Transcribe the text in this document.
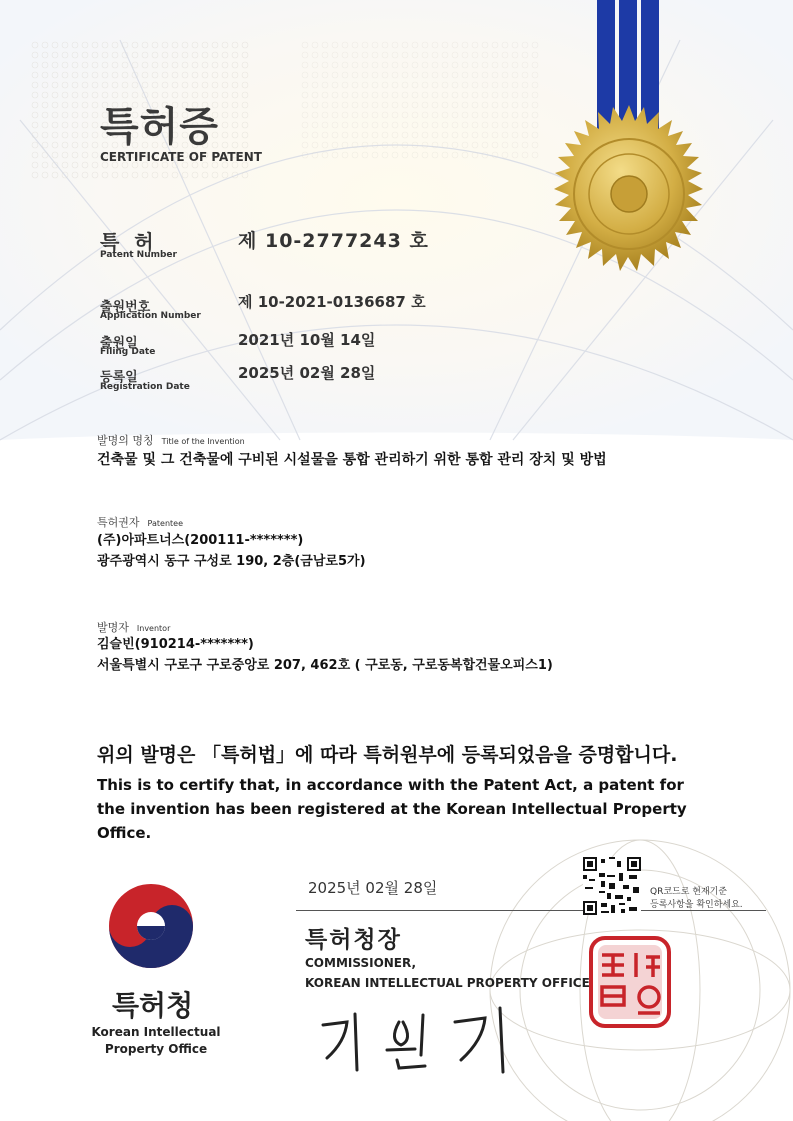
특허증
CERTIFICATE OF PATENT
특 허
Patent Number
제 10-2777243 호
출원번호
Application Number
제 10-2021-0136687 호
출원일
Filing Date
2021년 10월 14일
등록일
Registration Date
2025년 02월 28일
발명의 명칭 Title of the Invention
건축물 및 그 건축물에 구비된 시설물을 통합 관리하기 위한 통합 관리 장치 및 방법
특허권자 Patentee
(주)아파트너스(200111-*******)
광주광역시 동구 구성로 190, 2층(금남로5가)
발명자 Inventor
김슬빈(910214-*******)
서울특별시 구로구 구로중앙로 207, 462호 ( 구로동, 구로동복합건물오피스1)
위의 발명은 「특허법」에 따라 특허원부에 등록되었음을 증명합니다.
This is to certify that, in accordance with the Patent Act, a patent for the invention has been registered at the Korean Intellectual Property Office.
2025년 02월 28일
특허청장
COMMISSIONER,
KOREAN INTELLECTUAL PROPERTY OFFICE
QR코드로 현재기준
등록사항을 확인하세요.
특허청
Korean Intellectual
Property Office
